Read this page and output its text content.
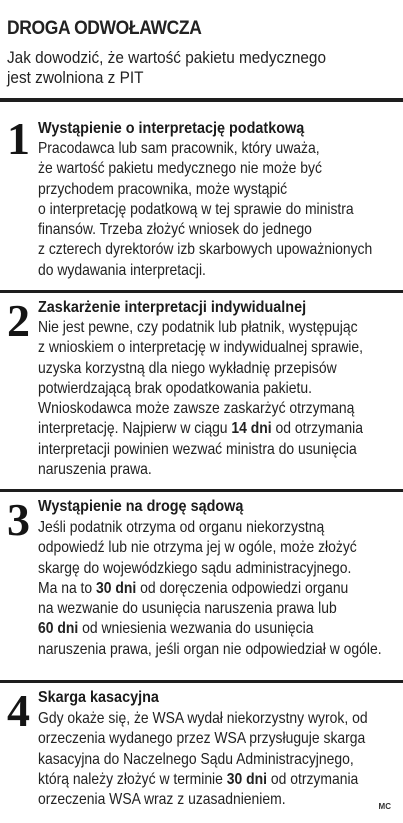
DROGA ODWOŁAWCZA
Jak dowodzić, że wartość pakietu medycznego
jest zwolniona z PIT
1 Wystąpienie o interpretację podatkową
Pracodawca lub sam pracownik, który uważa,
że wartość pakietu medycznego nie może być
przychodem pracownika, może wystąpić
o interpretację podatkową w tej sprawie do ministra
finansów. Trzeba złożyć wniosek do jednego
z czterech dyrektorów izb skarbowych upoważnionych
do wydawania interpretacji.
2 Zaskarżenie interpretacji indywidualnej
Nie jest pewne, czy podatnik lub płatnik, występując
z wnioskiem o interpretację w indywidualnej sprawie,
uzyska korzystną dla niego wykładnię przepisów
potwierdzającą brak opodatkowania pakietu.
Wnioskodawca może zawsze zaskarżyć otrzymaną
interpretację. Najpierw w ciągu 14 dni od otrzymania
interpretacji powinien wezwać ministra do usunięcia
naruszenia prawa.
3 Wystąpienie na drogę sądową
Jeśli podatnik otrzyma od organu niekorzystną
odpowiedź lub nie otrzyma jej w ogóle, może złożyć
skargę do wojewódzkiego sądu administracyjnego.
Ma na to 30 dni od doręczenia odpowiedzi organu
na wezwanie do usunięcia naruszenia prawa lub
60 dni od wniesienia wezwania do usunięcia
naruszenia prawa, jeśli organ nie odpowiedział w ogóle.
4 Skarga kasacyjna
Gdy okaże się, że WSA wydał niekorzystny wyrok, od
orzeczenia wydanego przez WSA przysługuje skarga
kasacyjna do Naczelnego Sądu Administracyjnego,
którą należy złożyć w terminie 30 dni od otrzymania
orzeczenia WSA wraz z uzasadnieniem.	MC
